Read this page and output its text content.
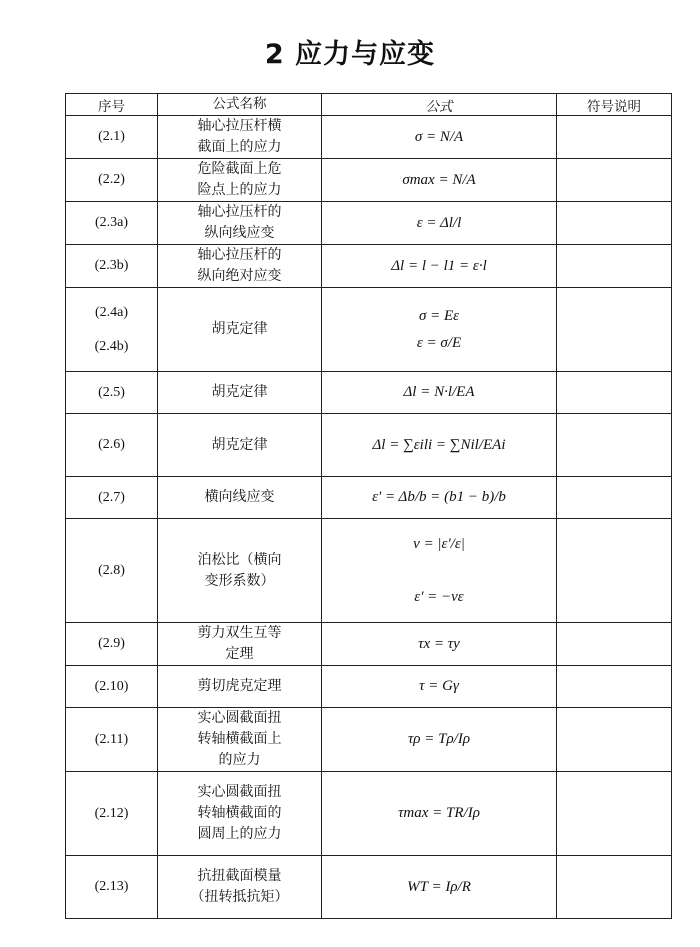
2 应力与应变
序号	公式名称	公式	符号说明
(2.1)	轴心拉压杆横
截面上的应力	σ = N/A	
(2.2)	危险截面上危
险点上的应力	σmax = N/A	
(2.3a)	轴心拉压杆的
纵向线应变	ε = Δl/l	
(2.3b)	轴心拉压杆的
纵向绝对应变	Δl = l − l1 = ε·l	

(2.4a)
(2.4b)	胡克定律	σ = Eε
ε = σ/E	

(2.5)	胡克定律	Δl = N·l/EA	
(2.6)	胡克定律	Δl = ∑εili = ∑Nil/EAi	
(2.7)	横向线应变	ε' = Δb/b = (b1 − b)/b	
(2.8)	泊松比（横向
变形系数）	ν = |ε'/ε|
ε' = −νε	

(2.9)	剪力双生互等
定理	τx = τy	
(2.10)	剪切虎克定理	τ = Gγ	
(2.11)	实心圆截面扭
转轴横截面上
的应力	τρ = Tρ/Iρ	
(2.12)	实心圆截面扭
转轴横截面的
圆周上的应力	τmax = TR/Iρ	
(2.13)	抗扭截面模量
（扭转抵抗矩）	WT = Iρ/R	
